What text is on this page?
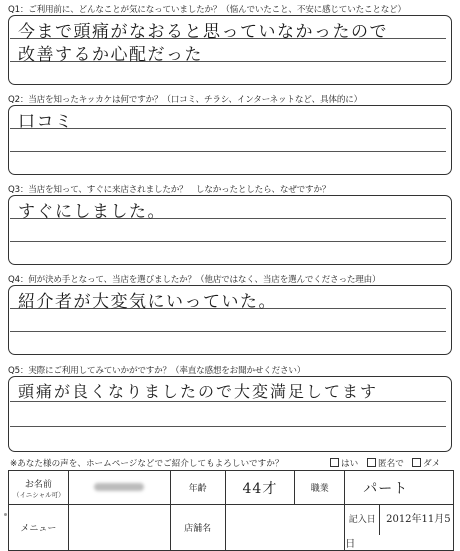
Q1：ご利用前に、どんなことが気になっていましたか？（悩んでいたこと、不安に感じていたことなど）
今まで頭痛がなおると思っていなかったので
改善するか心配だった
Q2：当店を知ったキッカケは何ですか？（口コミ、チラシ、インターネットなど、具体的に）
口コミ
Q3：当店を知って、すぐに来店されましたか？　しなかったとしたら、なぜですか？
すぐにしました。
Q4：何が決め手となって、当店を選びましたか？（他店ではなく、当店を選んでくださった理由）
紹介者が大変気にいっていた。
Q5：実際にご利用してみていかがですか？（率直な感想をお聞かせください）
頭痛が良くなりましたので大変満足してます
※あなた様の声を、ホームページなどでご紹介してもよろしいですか？	はい	匿名で	ダメ
お名前
（イニシャル可）		年齢	44才	職業	パート
メニュー		店舗名			記入日 2012年11月5日
